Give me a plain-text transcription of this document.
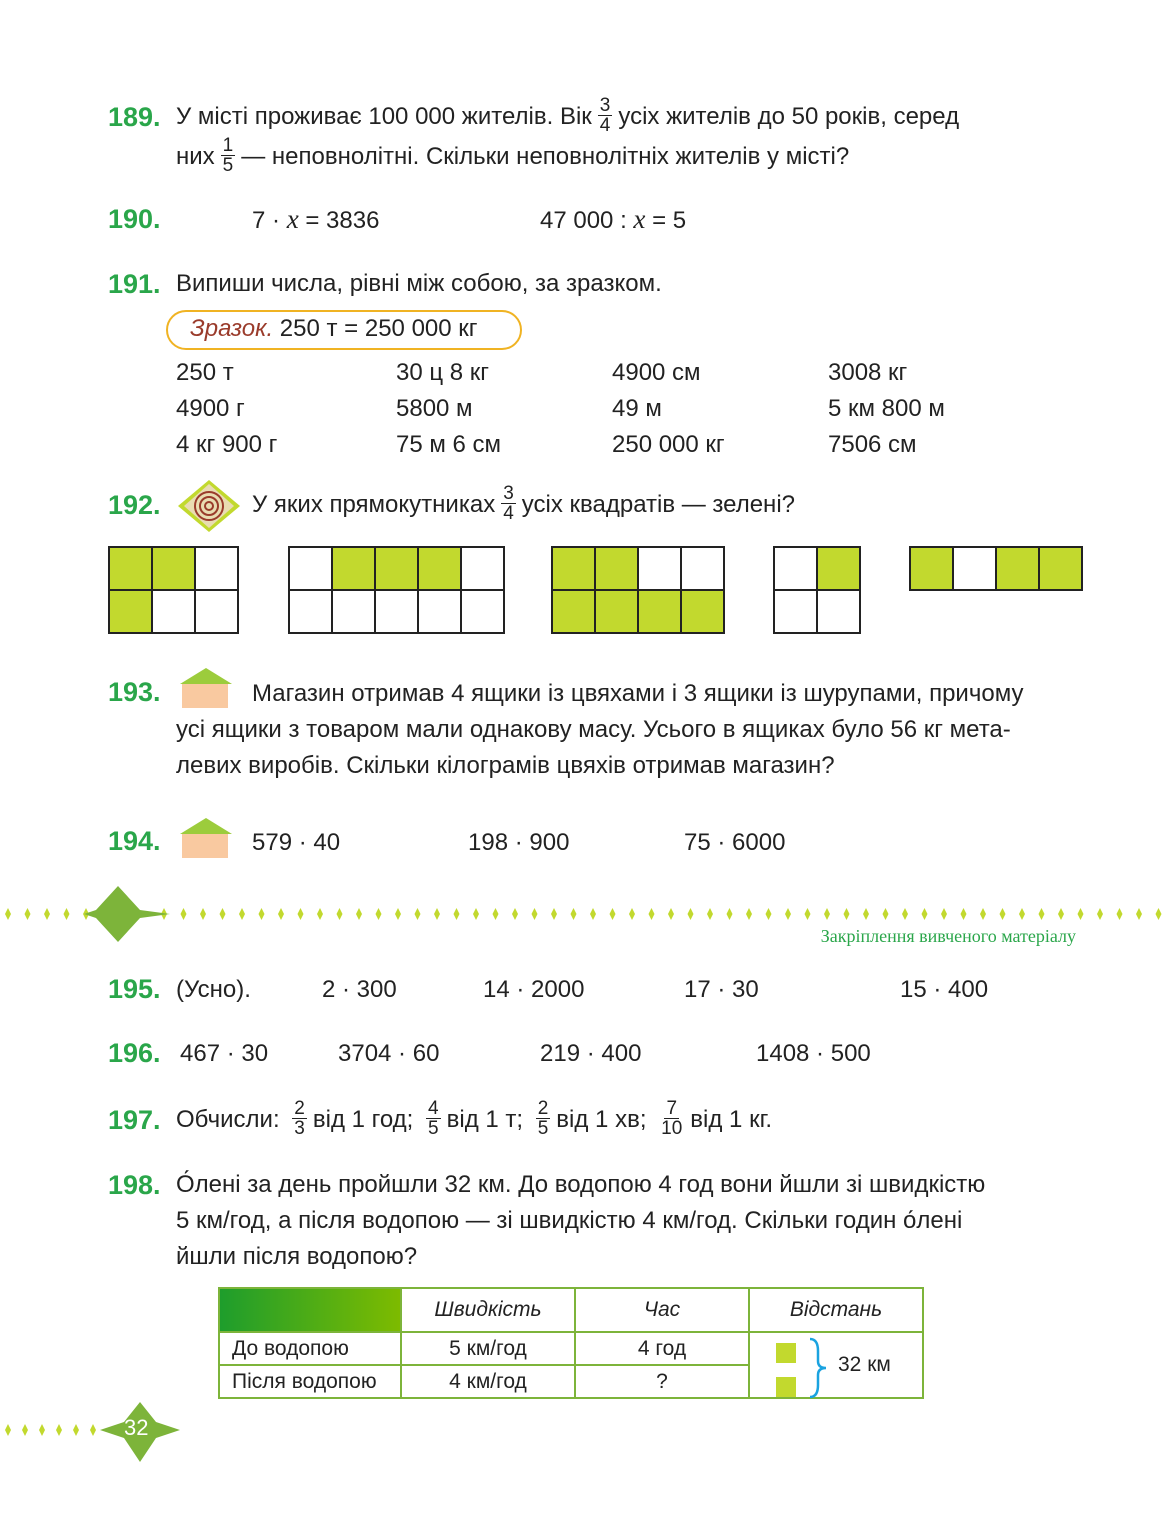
189. У місті проживає 100 000 жителів. Вік $\frac{3}{4}$ усіх жителів до 50 років, серед
них $\frac{1}{5}$ — неповнолітні. Скільки неповнолітніх жителів у місті?
190.	7 · x = 3836	47 000 : x = 5
191. Випиши числа, рівні між собою, за зразком.
Зразок. 250 т = 250 000 кг
250 т	30 ц 8 кг	4900 см	3008 кг
4900 г	5800 м	49 м	5 км 800 м
4 кг 900 г	75 м 6 см	250 000 кг	7506 см
192.	У яких прямокутниках $\frac{3}{4}$ усіх квадратів — зелені?
193.	Магазин отримав 4 ящики із цвяхами і 3 ящики із шурупами, причому
усі ящики з товаром мали однакову масу. Усього в ящиках було 56 кг мета-
левих виробів. Скільки кілограмів цвяхів отримав магазин?
194.	579 · 40	198 · 900	75 · 6000
Закріплення вивченого матеріалу
195. (Усно).	2 · 300	14 · 2000	17 · 30	15 · 400
196. 467 · 30	3704 · 60	219 · 400	1408 · 500
197. Обчисли: $\frac{2}{3}$ від 1 год; $\frac{4}{5}$ від 1 т; $\frac{2}{5}$ від 1 хв; $\frac{7}{10}$ від 1 кг.
198. О́лені за день пройшли 32 км. До водопою 4 год вони йшли зі швидкістю
5 км/год, а після водопою — зі швидкістю 4 км/год. Скільки годин о́лені
йшли після водопою?
	Швидкість	Час	Відстань
До водопою	5 км/год	4 год	32 км

Після водопою	4 км/год	?	
32
